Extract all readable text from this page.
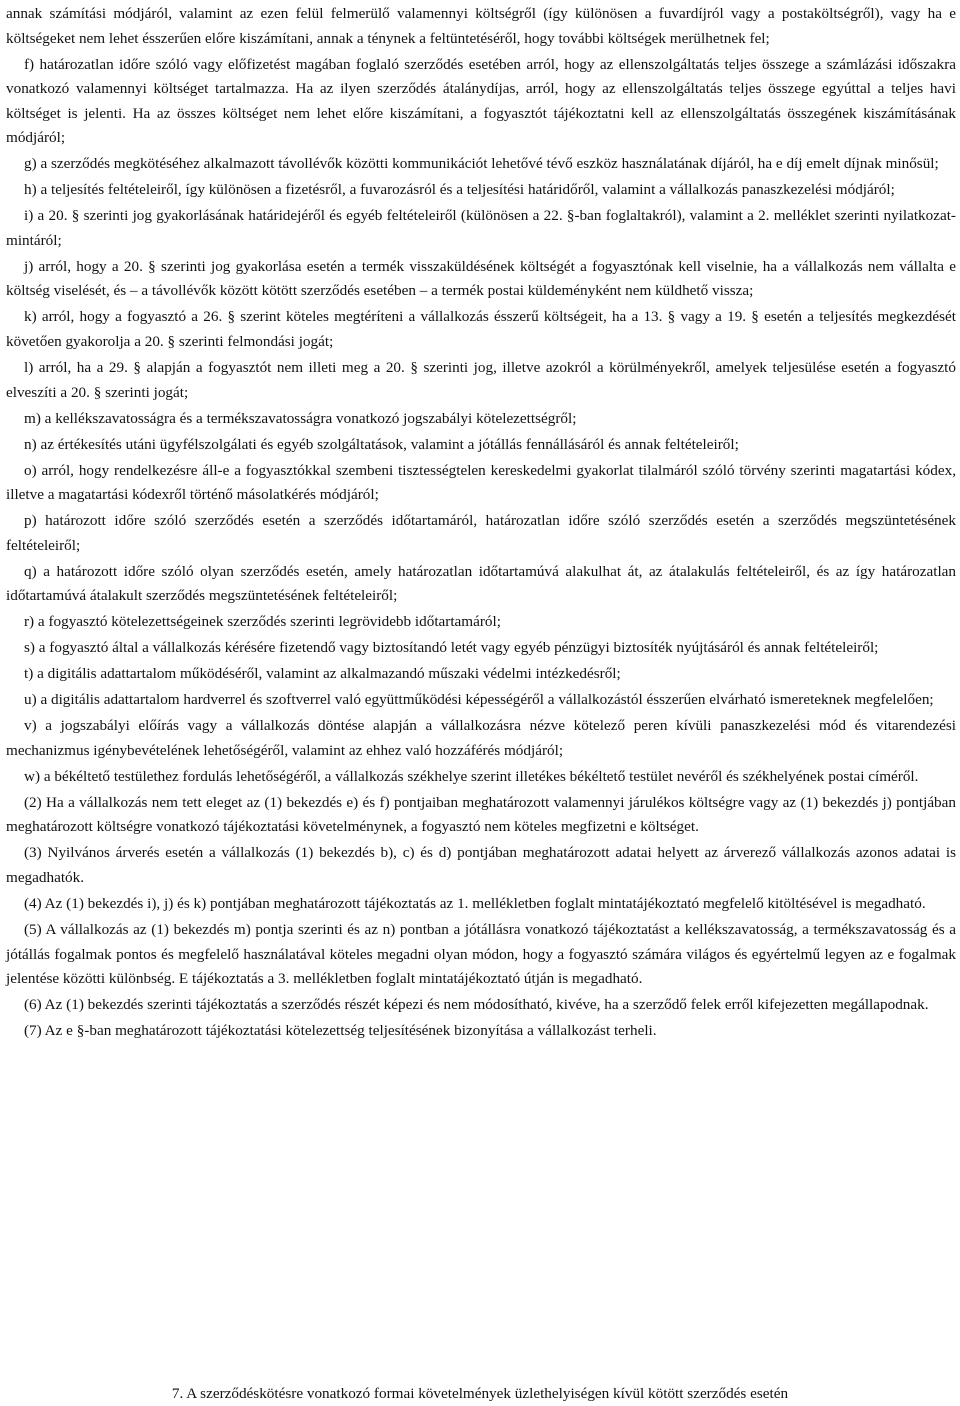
annak számítási módjáról, valamint az ezen felül felmerülő valamennyi költségről (így különösen a fuvardíjról vagy a postaköltségről), vagy ha e költségeket nem lehet ésszerűen előre kiszámítani, annak a ténynek a feltüntetéséről, hogy további költségek merülhetnek fel;

f) határozatlan időre szóló vagy előfizetést magában foglaló szerződés esetében arról, hogy az ellenszolgáltatás teljes összege a számlázási időszakra vonatkozó valamennyi költséget tartalmazza. Ha az ilyen szerződés átalánydíjas, arról, hogy az ellenszolgáltatás teljes összege egyúttal a teljes havi költséget is jelenti. Ha az összes költséget nem lehet előre kiszámítani, a fogyasztót tájékoztatni kell az ellenszolgáltatás összegének kiszámításának módjáról;

g) a szerződés megkötéséhez alkalmazott távollévők közötti kommunikációt lehetővé tévő eszköz használatának díjáról, ha e díj emelt díjnak minősül;

h) a teljesítés feltételeiről, így különösen a fizetésről, a fuvarozásról és a teljesítési határidőről, valamint a vállalkozás panaszkezelési módjáról;

i) a 20. § szerinti jog gyakorlásának határidejéről és egyéb feltételeiről (különösen a 22. §-ban foglaltakról), valamint a 2. melléklet szerinti nyilatkozat-mintáról;

j) arról, hogy a 20. § szerinti jog gyakorlása esetén a termék visszaküldésének költségét a fogyasztónak kell viselnie, ha a vállalkozás nem vállalta e költség viselését, és – a távollévők között kötött szerződés esetében – a termék postai küldeményként nem küldhető vissza;

k) arról, hogy a fogyasztó a 26. § szerint köteles megtéríteni a vállalkozás ésszerű költségeit, ha a 13. § vagy a 19. § esetén a teljesítés megkezdését követően gyakorolja a 20. § szerinti felmondási jogát;

l) arról, ha a 29. § alapján a fogyasztót nem illeti meg a 20. § szerinti jog, illetve azokról a körülményekről, amelyek teljesülése esetén a fogyasztó elveszíti a 20. § szerinti jogát;

m) a kellékszavatosságra és a termékszavatosságra vonatkozó jogszabályi kötelezettségről;

n) az értékesítés utáni ügyfélszolgálati és egyéb szolgáltatások, valamint a jótállás fennállásáról és annak feltételeiről;

o) arról, hogy rendelkezésre áll-e a fogyasztókkal szembeni tisztességtelen kereskedelmi gyakorlat tilalmáról szóló törvény szerinti magatartási kódex, illetve a magatartási kódexről történő másolatkérés módjáról;

p) határozott időre szóló szerződés esetén a szerződés időtartamáról, határozatlan időre szóló szerződés esetén a szerződés megszüntetésének feltételeiről;

q) a határozott időre szóló olyan szerződés esetén, amely határozatlan időtartamúvá alakulhat át, az átalakulás feltételeiről, és az így határozatlan időtartamúvá átalakult szerződés megszüntetésének feltételeiről;

r) a fogyasztó kötelezettségeinek szerződés szerinti legrövidebb időtartamáról;

s) a fogyasztó által a vállalkozás kérésére fizetendő vagy biztosítandó letét vagy egyéb pénzügyi biztosíték nyújtásáról és annak feltételeiről;

t) a digitális adattartalom működéséről, valamint az alkalmazandó műszaki védelmi intézkedésről;

u) a digitális adattartalom hardverrel és szoftverrel való együttműködési képességéről a vállalkozástól ésszerűen elvárható ismereteknek megfelelően;

v) a jogszabályi előírás vagy a vállalkozás döntése alapján a vállalkozásra nézve kötelező peren kívüli panaszkezelési mód és vitarendezési mechanizmus igénybevételének lehetőségéről, valamint az ehhez való hozzáférés módjáról;

w) a békéltető testülethez fordulás lehetőségéről, a vállalkozás székhelye szerint illetékes békéltető testület nevéről és székhelyének postai címéről.

(2) Ha a vállalkozás nem tett eleget az (1) bekezdés e) és f) pontjaiban meghatározott valamennyi járulékos költségre vagy az (1) bekezdés j) pontjában meghatározott költségre vonatkozó tájékoztatási követelménynek, a fogyasztó nem köteles megfizetni e költséget.

(3) Nyilvános árverés esetén a vállalkozás (1) bekezdés b), c) és d) pontjában meghatározott adatai helyett az árverező vállalkozás azonos adatai is megadhatók.

(4) Az (1) bekezdés i), j) és k) pontjában meghatározott tájékoztatás az 1. mellékletben foglalt mintatájékoztató megfelelő kitöltésével is megadható.

(5) A vállalkozás az (1) bekezdés m) pontja szerinti és az n) pontban a jótállásra vonatkozó tájékoztatást a kellékszavatosság, a termékszavatosság és a jótállás fogalmak pontos és megfelelő használatával köteles megadni olyan módon, hogy a fogyasztó számára világos és egyértelmű legyen az e fogalmak jelentése közötti különbség. E tájékoztatás a 3. mellékletben foglalt mintatájékoztató útján is megadható.

(6) Az (1) bekezdés szerinti tájékoztatás a szerződés részét képezi és nem módosítható, kivéve, ha a szerződő felek erről kifejezetten megállapodnak.

(7) Az e §-ban meghatározott tájékoztatási kötelezettség teljesítésének bizonyítása a vállalkozást terheli.

7. A szerződéskötésre vonatkozó formai követelmények üzlethelyiségen kívül kötött szerződés esetén
